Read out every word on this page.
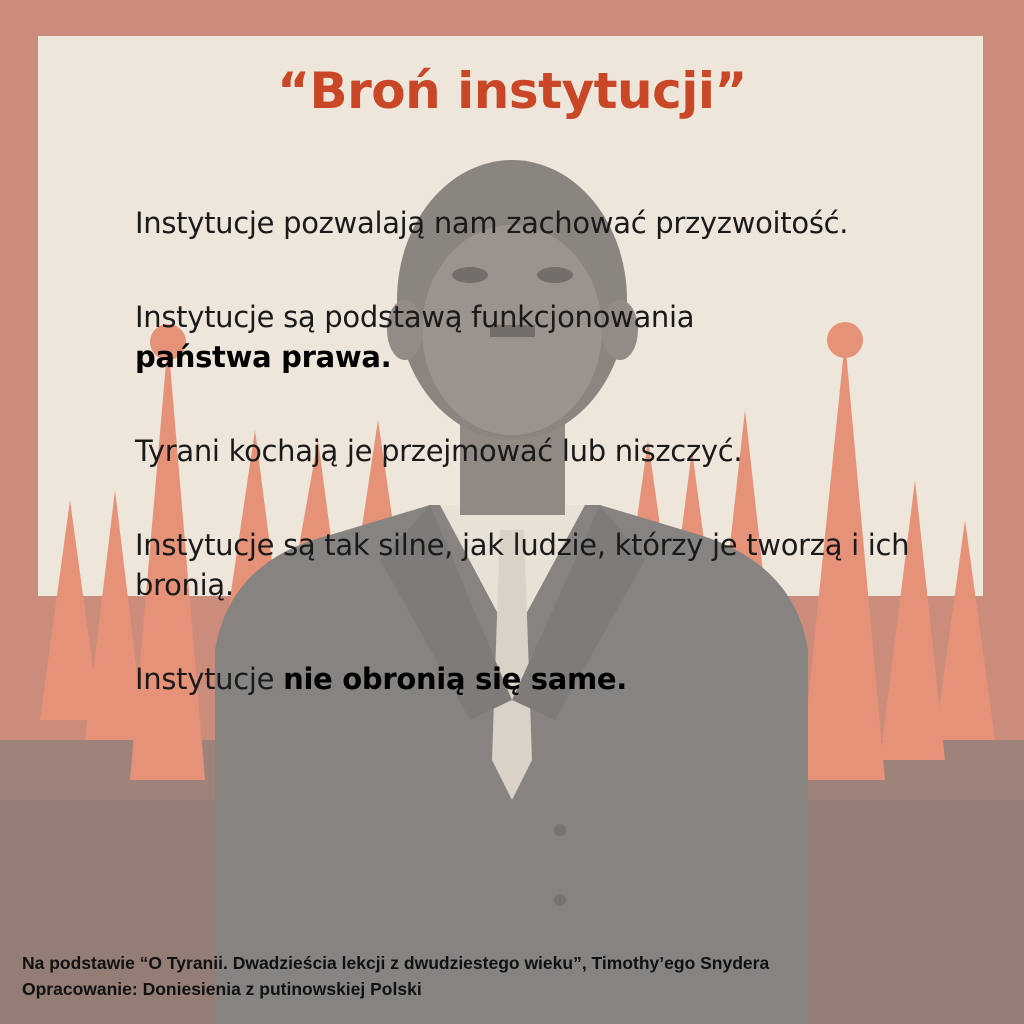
“Broń instytucji”

Instytucje pozwalają nam zachować przyzwoitość.

Instytucje są podstawą funkcjonowania
państwa prawa.

Tyrani kochają je przejmować lub niszczyć.

Instytucje są tak silne, jak ludzie, którzy je tworzą i ich bronią.

Instytucje nie obronią się same.

Na podstawie “O Tyranii. Dwadzieścia lekcji z dwudziestego wieku”, Timothy’ego Snydera
Opracowanie: Doniesienia z putinowskiej Polski
